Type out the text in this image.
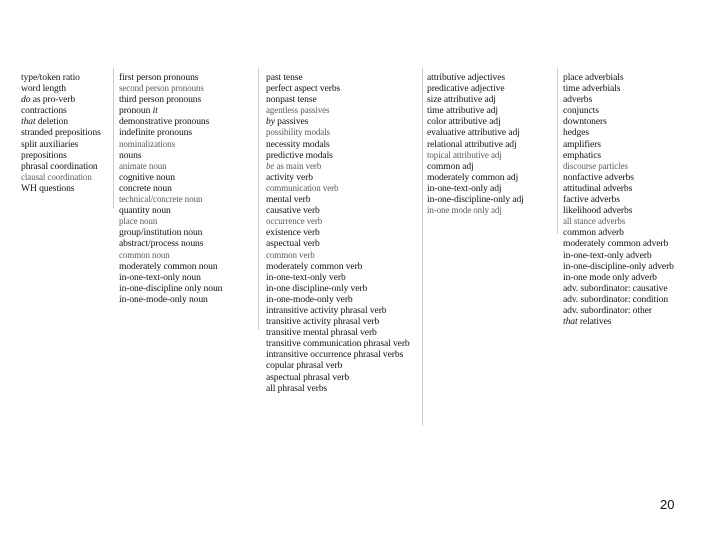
type/token ratio
word length
do as pro-verb
contractions
that deletion
stranded prepositions
split auxiliaries
prepositions
phrasal coordination
clausal coordination
WH questions
first person pronouns
second person pronouns
third person pronouns
pronoun it
demonstrative pronouns
indefinite pronouns
nominalizations
nouns
animate noun
cognitive noun
concrete noun
technical/concrete noun
quantity noun
place noun
group/institution noun
abstract/process nouns
common noun
moderately common noun
in-one-text-only noun
in-one-discipline only noun
in-one-mode-only noun
past tense
perfect aspect verbs
nonpast tense
agentless passives
by passives
possibility modals
necessity modals
predictive modals
be as main verb
activity verb
communication verb
mental verb
causative verb
occurrence verb
existence verb
aspectual verb
common verb
moderately common verb
in-one-text-only verb
in-one discipline-only verb
in-one-mode-only verb
intransitive activity phrasal verb
transitive activity phrasal verb
transitive mental phrasal verb
transitive communication phrasal verb
intransitive occurrence phrasal verbs
copular phrasal verb
aspectual phrasal verb
all phrasal verbs
attributive adjectives
predicative adjective
size attributive adj
time attributive adj
color attributive adj
evaluative attributive adj
relational attributive adj
topical attributive adj
common adj
moderately common adj
in-one-text-only adj
in-one-discipline-only adj
in-one mode only adj
place adverbials
time adverbials
adverbs
conjuncts
downtoners
hedges
amplifiers
emphatics
discourse particles
nonfactive adverbs
attitudinal adverbs
factive adverbs
likelihood adverbs
all stance adverbs
common adverb
moderately common adverb
in-one-text-only adverb
in-one-discipline-only adverb
in-one mode only adverb
adv. subordinator: causative
adv. subordinator: condition
adv. subordinator: other
that relatives
20
